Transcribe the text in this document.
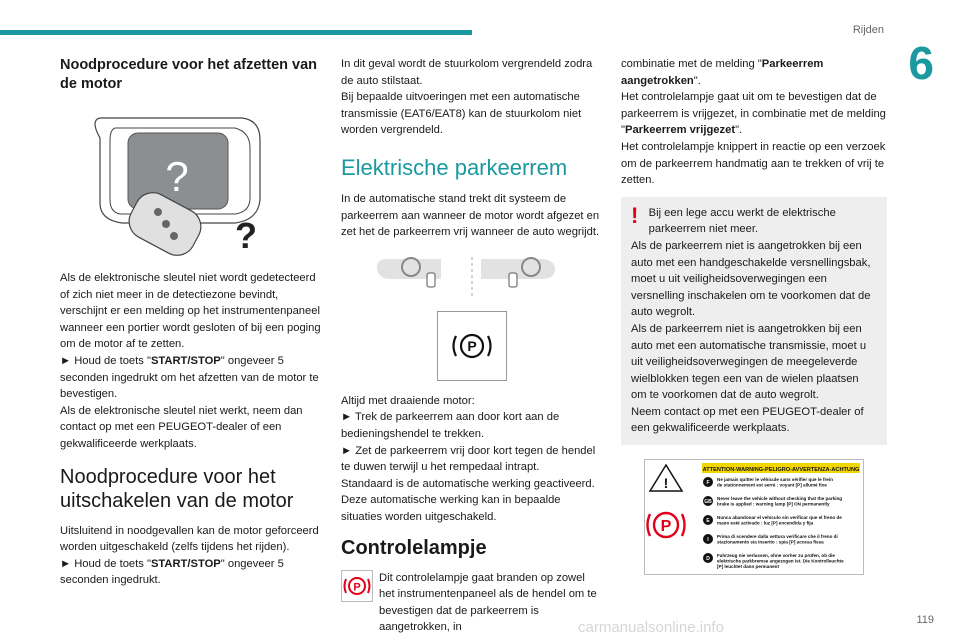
Rijden
6
Noodprocedure voor het afzetten van de motor
?
?
Als de elektronische sleutel niet wordt gedetecteerd of zich niet meer in de detectiezone bevindt, verschijnt er een melding op het instrumentenpaneel wanneer een portier wordt gesloten of bij een poging om de motor af te zetten.
► Houd de toets "START/STOP" ongeveer 5 seconden ingedrukt om het afzetten van de motor te bevestigen.
Als de elektronische sleutel niet werkt, neem dan contact op met een PEUGEOT-dealer of een gekwalificeerde werkplaats.
Noodprocedure voor het uitschakelen van de motor
Uitsluitend in noodgevallen kan de motor geforceerd worden uitgeschakeld (zelfs tijdens het rijden).
► Houd de toets "START/STOP" ongeveer 5 seconden ingedrukt.
In dit geval wordt de stuurkolom vergrendeld zodra de auto stilstaat.
Bij bepaalde uitvoeringen met een automatische transmissie (EAT6/EAT8) kan de stuurkolom niet worden vergrendeld.
Elektrische parkeerrem
In de automatische stand trekt dit systeem de parkeerrem aan wanneer de motor wordt afgezet en zet het de parkeerrem vrij wanneer de auto wegrijdt.
P
Altijd met draaiende motor:
► Trek de parkeerrem aan door kort aan de bedieningshendel te trekken.
► Zet de parkeerrem vrij door kort tegen de hendel te duwen terwijl u het rempedaal intrapt.
Standaard is de automatische werking geactiveerd.
Deze automatische werking kan in bepaalde situaties worden uitgeschakeld.
Controlelampje
P
Dit controlelampje gaat branden op zowel het instrumentenpaneel als de hendel om te bevestigen dat de parkeerrem is aangetrokken, in
combinatie met de melding "Parkeerrem aangetrokken".
Het controlelampje gaat uit om te bevestigen dat de parkeerrem is vrijgezet, in combinatie met de melding "Parkeerrem vrijgezet".
Het controlelampje knippert in reactie op een verzoek om de parkeerrem handmatig aan te trekken of vrij te zetten.
! Bij een lege accu werkt de elektrische parkeerrem niet meer.
Als de parkeerrem niet is aangetrokken bij een auto met een handgeschakelde versnellingsbak, moet u uit veiligheidsoverwegingen een versnelling inschakelen om te voorkomen dat de auto wegrolt.
Als de parkeerrem niet is aangetrokken bij een auto met een automatische transmissie, moet u uit veiligheidsoverwegingen de meegeleverde wielblokken tegen een van de wielen plaatsen om te voorkomen dat de auto wegrolt.
Neem contact op met een PEUGEOT-dealer of een gekwalificeerde werkplaats.
ATTENTION-WARNING-PELIGRO-AVVERTENZA-ACHTUNG
!
P
F
Ne jamais quitter le véhicule sans vérifier que le frein
de stationnement est serré : voyant [P] allumé fixe
GB
Never leave the vehicle without checking that the parking
brake is applied : warning lamp [P] ON permanently
E
Nunca abandonar el vehículo sin verificar que el freno de
mano esté activado : luz [P] encendida y fija
I
Prima di scendere dalla vettura verificare che il freno di
stazionamento sia inserito : spia [P] accesa fissa
D
Fahrzeug nie verlassen, ohne vorher zu prüfen, ob die
elektrische parkbremse angezogen ist. Die Kontrolleuchte
[P] leuchtet dann permanent
119
carmanualsonline.info
